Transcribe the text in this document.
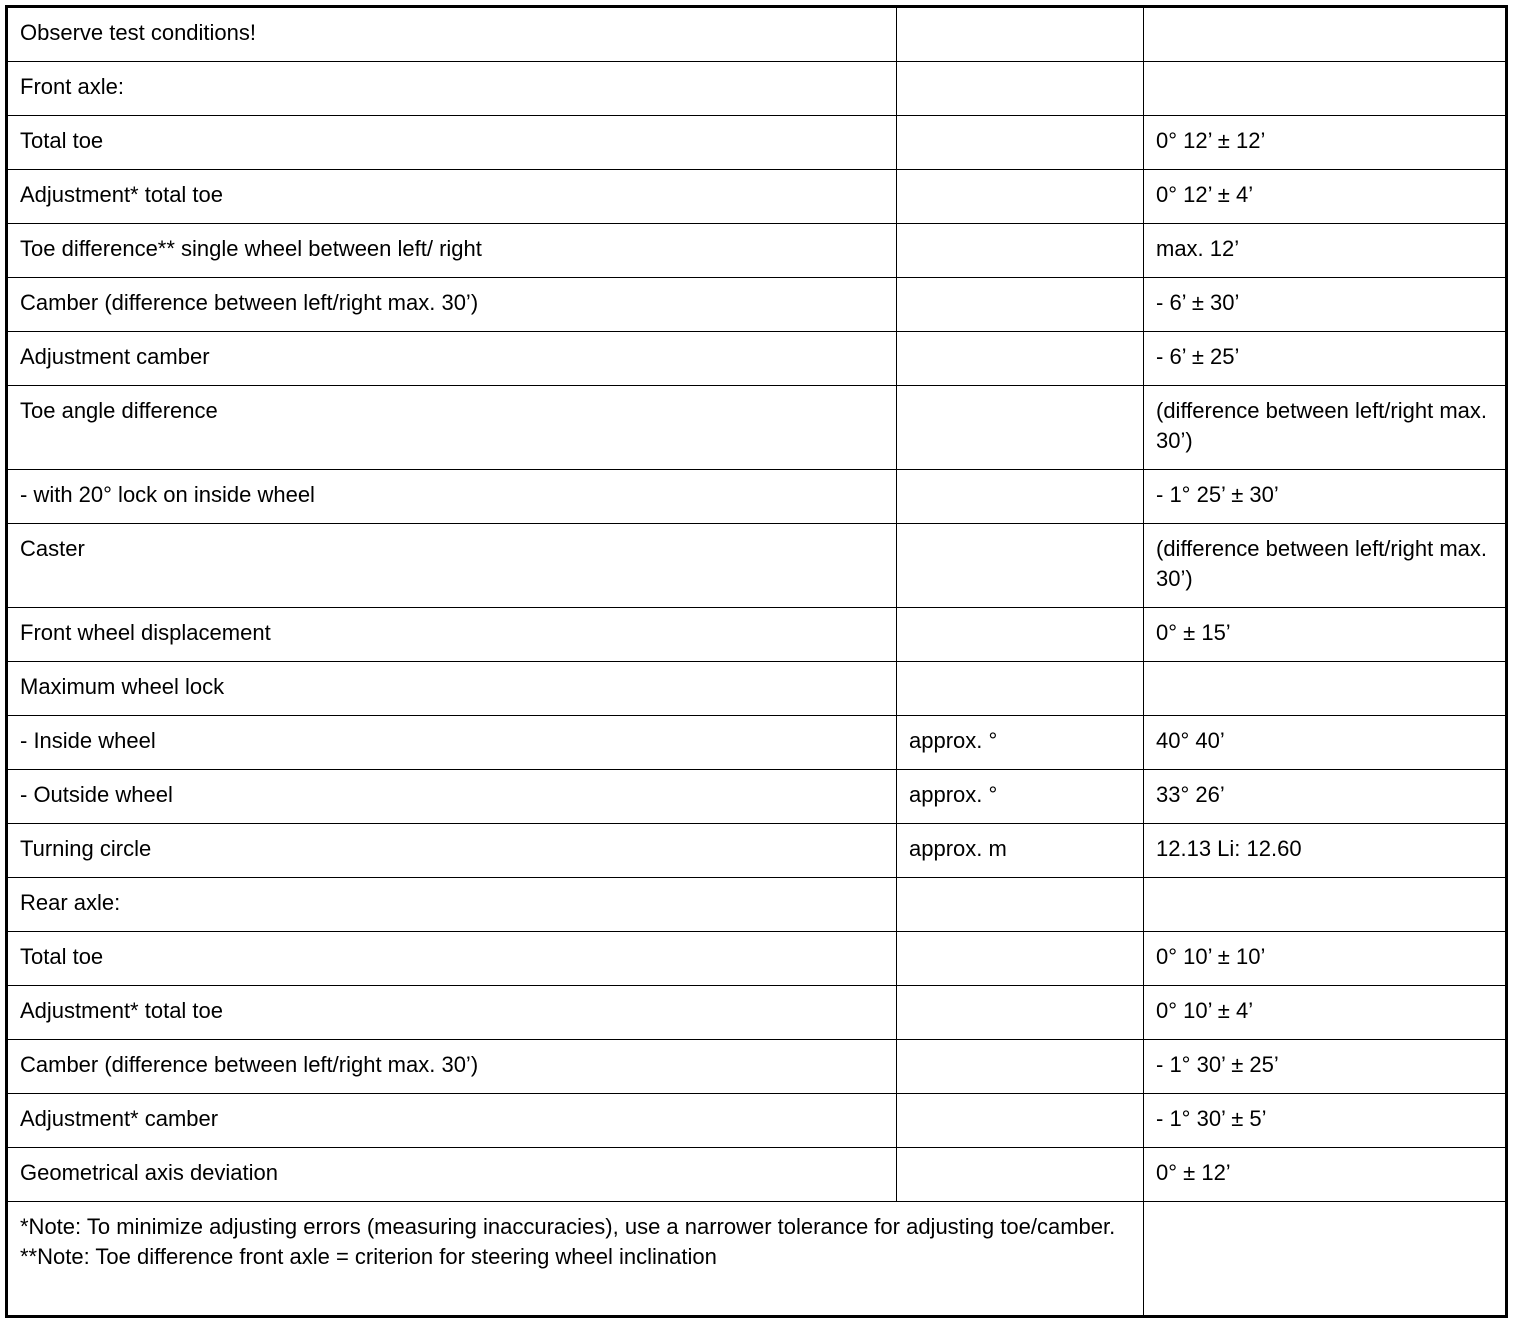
Observe test conditions!		
Front axle:		
Total toe		0° 12’ ± 12’
Adjustment* total toe		0° 12’ ± 4’
Toe difference** single wheel between left/ right		max. 12’
Camber (difference between left/right max. 30’)		- 6’ ± 30’
Adjustment camber		- 6’ ± 25’
Toe angle difference		(difference between left/right max. 30’)
- with 20° lock on inside wheel		- 1° 25’ ± 30’
Caster		(difference between left/right max. 30’)
Front wheel displacement		0° ± 15’
Maximum wheel lock		
- Inside wheel	approx. °	40° 40’
- Outside wheel	approx. °	33° 26’
Turning circle	approx. m	12.13 Li: 12.60
Rear axle:		
Total toe		0° 10’ ± 10’
Adjustment* total toe		0° 10’ ± 4’
Camber (difference between left/right max. 30’)		- 1° 30’ ± 25’
Adjustment* camber		- 1° 30’ ± 5’
Geometrical axis deviation		0° ± 12’

*Note: To minimize adjusting errors (measuring inaccuracies), use a narrower tolerance for adjusting toe/camber.
**Note: Toe difference front axle = criterion for steering wheel inclination		
